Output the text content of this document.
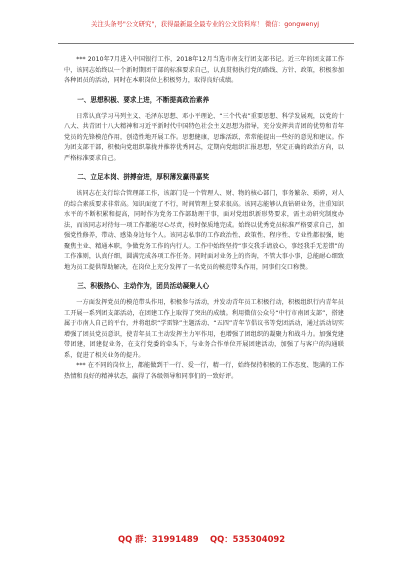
关注头条号"公文研究"，获得最新最全最专业的公文资料库！ 微信：gongwenyj

*** 2010年7月进入中国银行工作，2018年12月当选市南支行团支部书记。近三年的团支部工作中，该同志始终以一个新时期团干部的标准要求自己，认真贯彻执行党的路线、方针、政策，积极参加各种团员的活动，同时在本职岗位上积极努力，取得良好成绩。

一、思想积极、要求上进，不断提高政治素养

日常认真学习马列主义、毛泽东思想、邓小平理论、“三个代表”重要思想、科学发展观，以党的十八大、共青团十八大精神和习近平新时代中国特色社会主义思想为指导，充分发挥共青团的优势和青年党员的先锋模范作用，创造性地开展工作。思想健康，思维活跃，常常能提出一些好的意见和建议。作为团支部干部，积极向党组织靠拢并推荐优秀同志，定期向党组织汇报思想，坚定正确的政治方向，以严格标准要求自己。

二、立足本岗、拼搏奋进，厚积薄发赢得嘉奖

该同志在支行综合管理部工作，该部门是一个管理人、财、物的核心部门，事务繁杂、琐碎，对人的综合素质要求非常高。知识面宽了不行，时间管理上要求很高。该同志能够认真钻研业务，注重知识水平的不断积累和提高，同时作为党务工作部助理干事，面对党组织新形势要求，需主动研究制度办法，而该同志对待每一项工作都能尽心尽责，按时保质地完成。始终以优秀党员标准严格要求自己，加强党性修养，带动、感染身边每个人。该同志私事的工作政治性、政策性、程序性、专业性都很强，她聚焦主业、精通本职，争做党务工作的内行人。工作中始终坚持“事交我手请放心，事经我手无差错”的工作准则，认真仔细，圆满完成各项工作任务。同时面对业务上的咨询，不管大事小事，总能耐心细致地为员工提供帮助解决，在岗位上充分发挥了一名党员的模范带头作用，同事们交口称赞。

三、积极热心、主动作为，团员活动凝聚人心

一方面发挥党员的模范带头作用，积极参与活动，并发动青年员工积极行动，积极组织行内青年员工开展一系列团支部活动，在团建工作上取得了突出的成绩。利用微信公众号“中行市南团支部”，搭建属于市南人自己的平台，并将组织“学雷锋”主题活动、“五四”青年节倡议书等党团活动，通过活动切实增强了团员党员意识，使青年员工主动发挥主力军作用，也增强了团组织的凝聚力和战斗力。加强党建带团建，团建促业务，在支行党委的牵头下，与业务合作单位开展团建活动，加强了与客户的沟通联系，促进了相关业务的提升。

*** 在不同的岗位上，都能做到干一行、爱一行，精一行，始终保持积极的工作态度、饱满的工作热情和良好的精神状态，赢得了各级领导和同事们的一致好评。

QQ 群：31991489 QQ：535304092
